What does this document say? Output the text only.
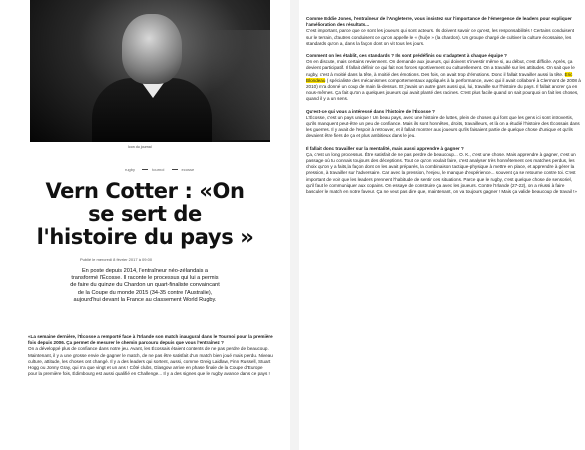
Icon du journal
rugby	tournoi	ecosse
Vern Cotter : «On se sert de l'histoire du pays »
Publié le mercredi 8 février 2017 à 09:00
En poste depuis 2014, l'entraîneur néo-zélandais a transformé l'Écosse. Il raconte le processus qui lui a permis de faire du quinze du Chardon un quart-finaliste convaincant de la Coupe du monde 2015 (34-35 contre l'Australie), aujourd'hui devant la France au classement World Rugby.
«La semaine dernière, l'Écosse a remporté face à l'Irlande son match inaugural dans le Tournoi pour la première fois depuis 2006. Ça permet de mesurer le chemin parcouru depuis que vous l'entraînez ?
On a développé plus de confiance dans notre jeu. Avant, les Écossais étaient contents de ne pas perdre de beaucoup. Maintenant, il y a une grosse envie de gagner le match, de ne pas être satisfait d'un match bien joué mais perdu. Niveau culture, attitude, les choses ont changé. Il y a des leaders qui sortent, aussi, comme Greig Laidlaw, Finn Russell, Stuart Hogg ou Jonny Gray, qui n'a que vingt et un ans ! Côté clubs, Glasgow arrive en phase finale de la Coupe d'Europe pour la première fois, Édimbourg est aussi qualifié en Challenge... Il y a des signes que le rugby avance dans ce pays !
Comme Eddie Jones, l'entraîneur de l'Angleterre, vous insistez sur l'importance de l'émergence de leaders pour expliquer l'amélioration des résultats...
C'est important, parce que ce sont les joueurs qui sont acteurs. Ils doivent savoir ce qu'est, les responsabilités ! Certains conduisent sur le terrain, d'autres conduisent ce qu'on appelle le « (hui)e » (la chardon). Un groupe chargé de cultiver la culture écossaise, les standards qu'on a, dans la façon dont on vit tous les jours.
Comment on les établit, ces standards ? Ils sont prédéfinis ou s'adaptent à chaque équipe ?

On en discute, mais certains reviennent. On demande aux joueurs, qui doivent s'investir même si, au début, c'est difficile. Après, ça devient participatif. Il fallait définir ce qui fait nos forces sportivement ou culturellement. On a travaillé sur les attitudes. On sait que le rugby, c'est à moitié dans la tête, à moitié des émotions. Des fois, on avait trop d'émotions. Donc il fallait travailler aussi la tête. Eric Blondeau ( spécialiste des mécanismes comportementaux appliqués à la performance, avec qui il avait collaboré à Clermont de 2008 à 2010) m'a donné un coup de main là-dessus. Et j'avais un autre gars aussi qui, lui, travaille sur l'histoire du pays. Il fallait ancrer ça en nous-mêmes. Ça fait qu'on a quelques joueurs qui avait planté des racines. C'est plus facile quand on sait pourquoi on fait les choses, quand il y a un sens.

Qu'est-ce qui vous a intéressé dans l'histoire de l'Écosse ?
L'Écosse, c'est un pays unique ! Un beau pays, avec une histoire de luttes, plein de choses qui font que les gens ici sont introvertis, qu'ils manquent peut-être un peu de confiance. Mais ils sont honnêtes, droits, travailleurs, et là on a étudié l'histoire des Écossais dans les guerres. Il y avait de l'espoir à retrouver, et il fallait montrer aux joueurs qu'ils faisaient partie de quelque chose d'unique et qu'ils devaient être fiers de ça et plus ambitieux dans le jeu.
Il fallait donc travailler sur la mentalité, mais aussi apprendre à gagner ?
Ça, c'est un long processus. Être satisfait de ne pas perdre de beaucoup... O. K., c'est une chose. Mais apprendre à gagner, c'est un passage où tu connais toujours des déceptions. Tout ce qu'on voulait faire, c'est analyser très honnêtement ces matches perdus, les choix qu'on y a faits,la façon dont on les avait préparés, la combinaison tactique-physique à mettre en place, et apprendre à gérer la pression, à travailler sur l'adversaire. Car avec la pression, l'enjeu, le manque d'expérience... souvent ça se retourne contre toi. C'est important de voir que les leaders prennent l'habitude de sentir ces situations. Parce que le rugby, c'est quelque chose de sensoriel, qu'il faut le communiquer aux copains. On essaye de construire ça avec les joueurs. Contre l'Irlande (27-22), on a réussi à faire basculer le match en notre faveur. Ça ne veut pas dire que, maintenant, on va toujours gagner ! Mais ça valide beaucoup de travail !»
